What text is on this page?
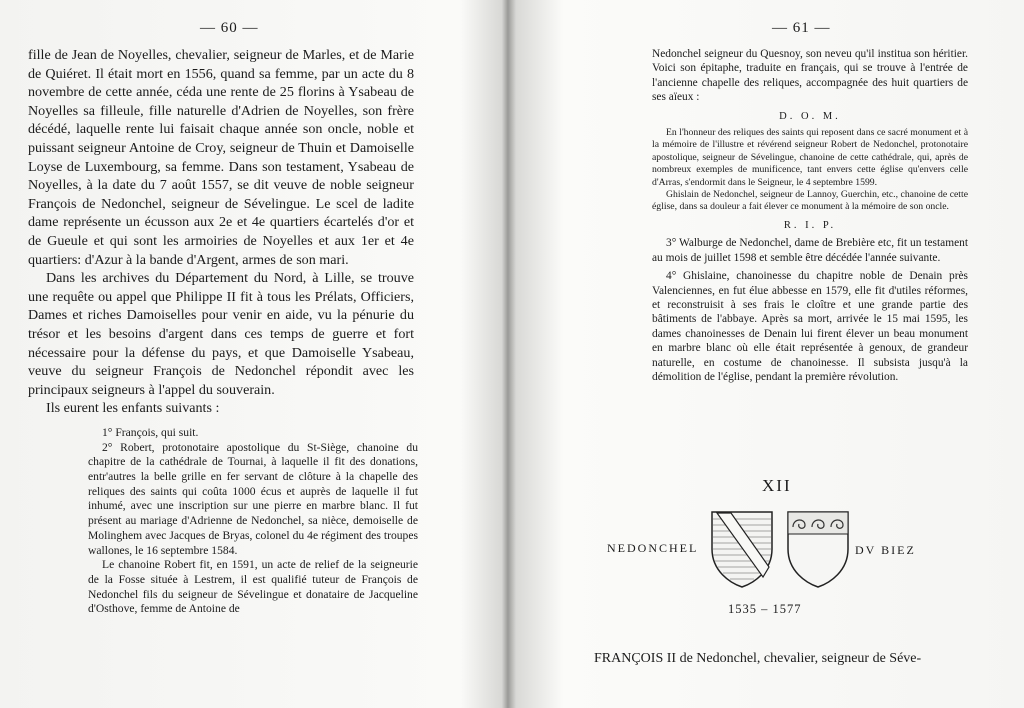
— 60 —

fille de Jean de Noyelles, chevalier, seigneur de Marles, et de Marie de Quiéret. Il était mort en 1556, quand sa femme, par un acte du 8 novembre de cette année, céda une rente de 25 florins à Ysabeau de Noyelles sa filleule, fille naturelle d'Adrien de Noyelles, son frère décédé, laquelle rente lui faisait chaque année son oncle, noble et puissant seigneur Antoine de Croy, seigneur de Thuin et Damoiselle Loyse de Luxembourg, sa femme. Dans son testament, Ysabeau de Noyelles, à la date du 7 août 1557, se dit veuve de noble seigneur François de Nedonchel, seigneur de Sévelingue. Le scel de ladite dame représente un écusson aux 2e et 4e quartiers écartelés d'or et de Gueule et qui sont les armoiries de Noyelles et aux 1er et 4e quartiers: d'Azur à la bande d'Argent, armes de son mari.

Dans les archives du Département du Nord, à Lille, se trouve une requête ou appel que Philippe II fit à tous les Prélats, Officiers, Dames et riches Damoiselles pour venir en aide, vu la pénurie du trésor et les besoins d'argent dans ces temps de guerre et fort nécessaire pour la défense du pays, et que Damoiselle Ysabeau, veuve du seigneur François de Nedonchel répondit avec les principaux seigneurs à l'appel du souverain.

Ils eurent les enfants suivants :

1° François, qui suit.

2° Robert, protonotaire apostolique du St-Siège, chanoine du chapitre de la cathédrale de Tournai, à laquelle il fit des donations, entr'autres la belle grille en fer servant de clôture à la chapelle des reliques des saints qui coûta 1000 écus et auprès de laquelle il fut inhumé, avec une inscription sur une pierre en marbre blanc. Il fut présent au mariage d'Adrienne de Nedonchel, sa nièce, demoiselle de Molinghem avec Jacques de Bryas, colonel du 4e régiment des troupes wallones, le 16 septembre 1584.

Le chanoine Robert fit, en 1591, un acte de relief de la seigneurie de la Fosse située à Lestrem, il est qualifié tuteur de François de Nedonchel fils du seigneur de Sévelingue et donataire de Jacqueline d'Osthove, femme de Antoine de

— 61 —

Nedonchel seigneur du Quesnoy, son neveu qu'il institua son héritier. Voici son épitaphe, traduite en français, qui se trouve à l'entrée de l'ancienne chapelle des reliques, accompagnée des huit quartiers de ses aïeux :

D. O. M.

En l'honneur des reliques des saints qui reposent dans ce sacré monument et à la mémoire de l'illustre et révérend seigneur Robert de Nedonchel, protonotaire apostolique, seigneur de Sévelingue, chanoine de cette cathédrale, qui, après de nombreux exemples de munificence, tant envers cette église qu'envers celle d'Arras, s'endormit dans le Seigneur, le 4 septembre 1599.

Ghislain de Nedonchel, seigneur de Lannoy, Guerchin, etc., chanoine de cette église, dans sa douleur a fait élever ce monument à la mémoire de son oncle.

R. I. P.

3° Walburge de Nedonchel, dame de Brebière etc, fit un testament au mois de juillet 1598 et semble être décédée l'année suivante.

4° Ghislaine, chanoinesse du chapitre noble de Denain près Valenciennes, en fut élue abbesse en 1579, elle fit d'utiles réformes, et reconstruisit à ses frais le cloître et une grande partie des bâtiments de l'abbaye. Après sa mort, arrivée le 15 mai 1595, les dames chanoinesses de Denain lui firent élever un beau monument en marbre blanc où elle était représentée à genoux, de grandeur naturelle, en costume de chanoinesse. Il subsista jusqu'à la démolition de l'église, pendant la première révolution.

XII
NEDONCHEL	DV BIEZ
1535 – 1577
FRANÇOIS II de Nedonchel, chevalier, seigneur de Séve-
